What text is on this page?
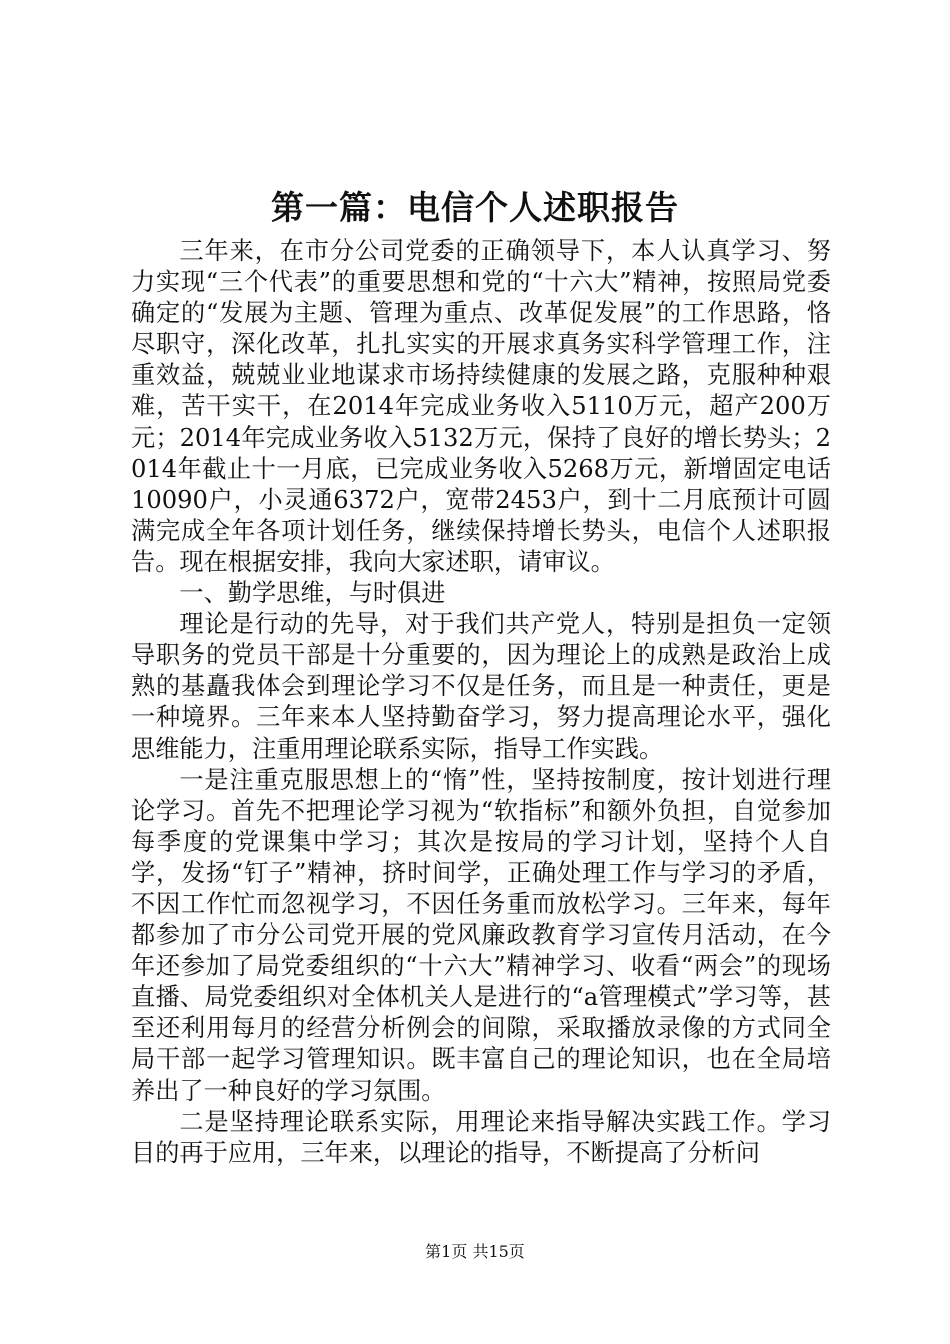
第一篇：电信个人述职报告

三年来，在市分公司党委的正确领导下，本人认真学习、努力实现“三个代表”的重要思想和党的“十六大”精神，按照局党委确定的“发展为主题、管理为重点、改革促发展”的工作思路，恪尽职守，深化改革，扎扎实实的开展求真务实科学管理工作，注重效益，兢兢业业地谋求市场持续健康的发展之路，克服种种艰难，苦干实干，在2014年完成业务收入5110万元，超产200万元；2014年完成业务收入5132万元，保持了良好的增长势头；2014年截止十一月底，已完成业务收入5268万元，新增固定电话10090户，小灵通6372户，宽带2453户，到十二月底预计可圆满完成全年各项计划任务，继续保持增长势头，电信个人述职报告。现在根据安排，我向大家述职，请审议。

一、勤学思维，与时俱进

理论是行动的先导，对于我们共产党人，特别是担负一定领导职务的党员干部是十分重要的，因为理论上的成熟是政治上成熟的基矗我体会到理论学习不仅是任务，而且是一种责任，更是一种境界。三年来本人坚持勤奋学习，努力提高理论水平，强化思维能力，注重用理论联系实际，指导工作实践。

一是注重克服思想上的“惰”性，坚持按制度，按计划进行理论学习。首先不把理论学习视为“软指标”和额外负担，自觉参加每季度的党课集中学习；其次是按局的学习计划，坚持个人自学，发扬“钉子”精神，挤时间学，正确处理工作与学习的矛盾，不因工作忙而忽视学习，不因任务重而放松学习。三年来，每年都参加了市分公司党开展的党风廉政教育学习宣传月活动，在今年还参加了局党委组织的“十六大”精神学习、收看“两会”的现场直播、局党委组织对全体机关人是进行的“a管理模式”学习等，甚至还利用每月的经营分析例会的间隙，采取播放录像的方式同全局干部一起学习管理知识。既丰富自己的理论知识，也在全局培养出了一种良好的学习氛围。

二是坚持理论联系实际，用理论来指导解决实践工作。学习目的再于应用，三年来，以理论的指导，不断提高了分析问

第1页 共15页
